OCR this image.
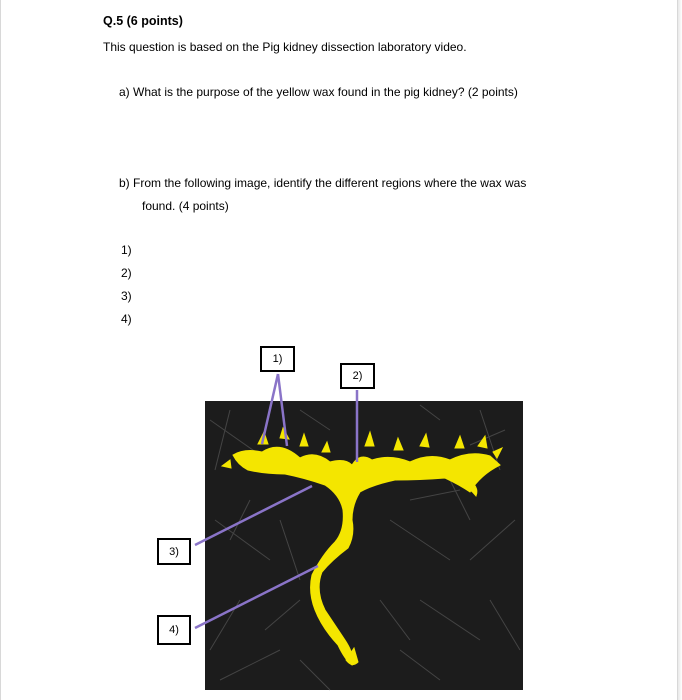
Q.5 (6 points)
This question is based on the Pig kidney dissection laboratory video.
a) What is the purpose of the yellow wax found in the pig kidney? (2 points)
b) From the following image, identify the different regions where the wax was
found. (4 points)
1)
2)
3)
4)
1)
2)
3)
4)
